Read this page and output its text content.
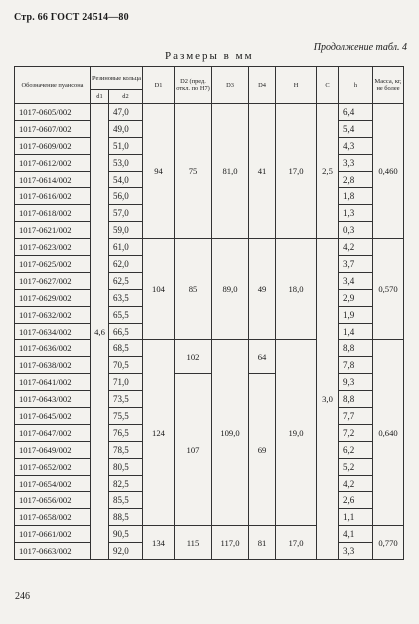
Стр. 66 ГОСТ 24514—80
Продолжение табл. 4
Размеры в мм
Обозначение пуансона	Резиновые кольца		D1	D2 (пред. откл. по H7)	D3	D4	H	C	h	Масса, кг, не более
	d1	d2								
1017-0605/002	4,6	47,0	94	75	81,0	41	17,0	2,5	6,4	0,460
1017-0607/002		49,0							5,4	
1017-0609/002		51,0							4,3	
1017-0612/002		53,0							3,3	
1017-0614/002		54,0							2,8	
1017-0616/002		56,0							1,8	
1017-0618/002		57,0							1,3	
1017-0621/002		59,0							0,3	
1017-0623/002		61,0	104	85	89,0	49	18,0	3,0	4,2	0,570
1017-0625/002		62,0							3,7	
1017-0627/002		62,5							3,4	
1017-0629/002		63,5							2,9	
1017-0632/002		65,5							1,9	
1017-0634/002		66,5							1,4	
1017-0636/002		68,5	124	102	109,0	64	19,0		8,8	0,640
1017-0638/002		70,5							7,8	
1017-0641/002		71,0		107		69			9,3	
1017-0643/002		73,5							8,8	
1017-0645/002		75,5							7,7	
1017-0647/002		76,5							7,2	
1017-0649/002		78,5							6,2	
1017-0652/002		80,5							5,2	
1017-0654/002		82,5							4,2	
1017-0656/002		85,5							2,6	
1017-0658/002		88,5							1,1	
1017-0661/002		90,5	134	115	117,0	81	17,0		4,1	0,770
1017-0663/002		92,0							3,3	
246
